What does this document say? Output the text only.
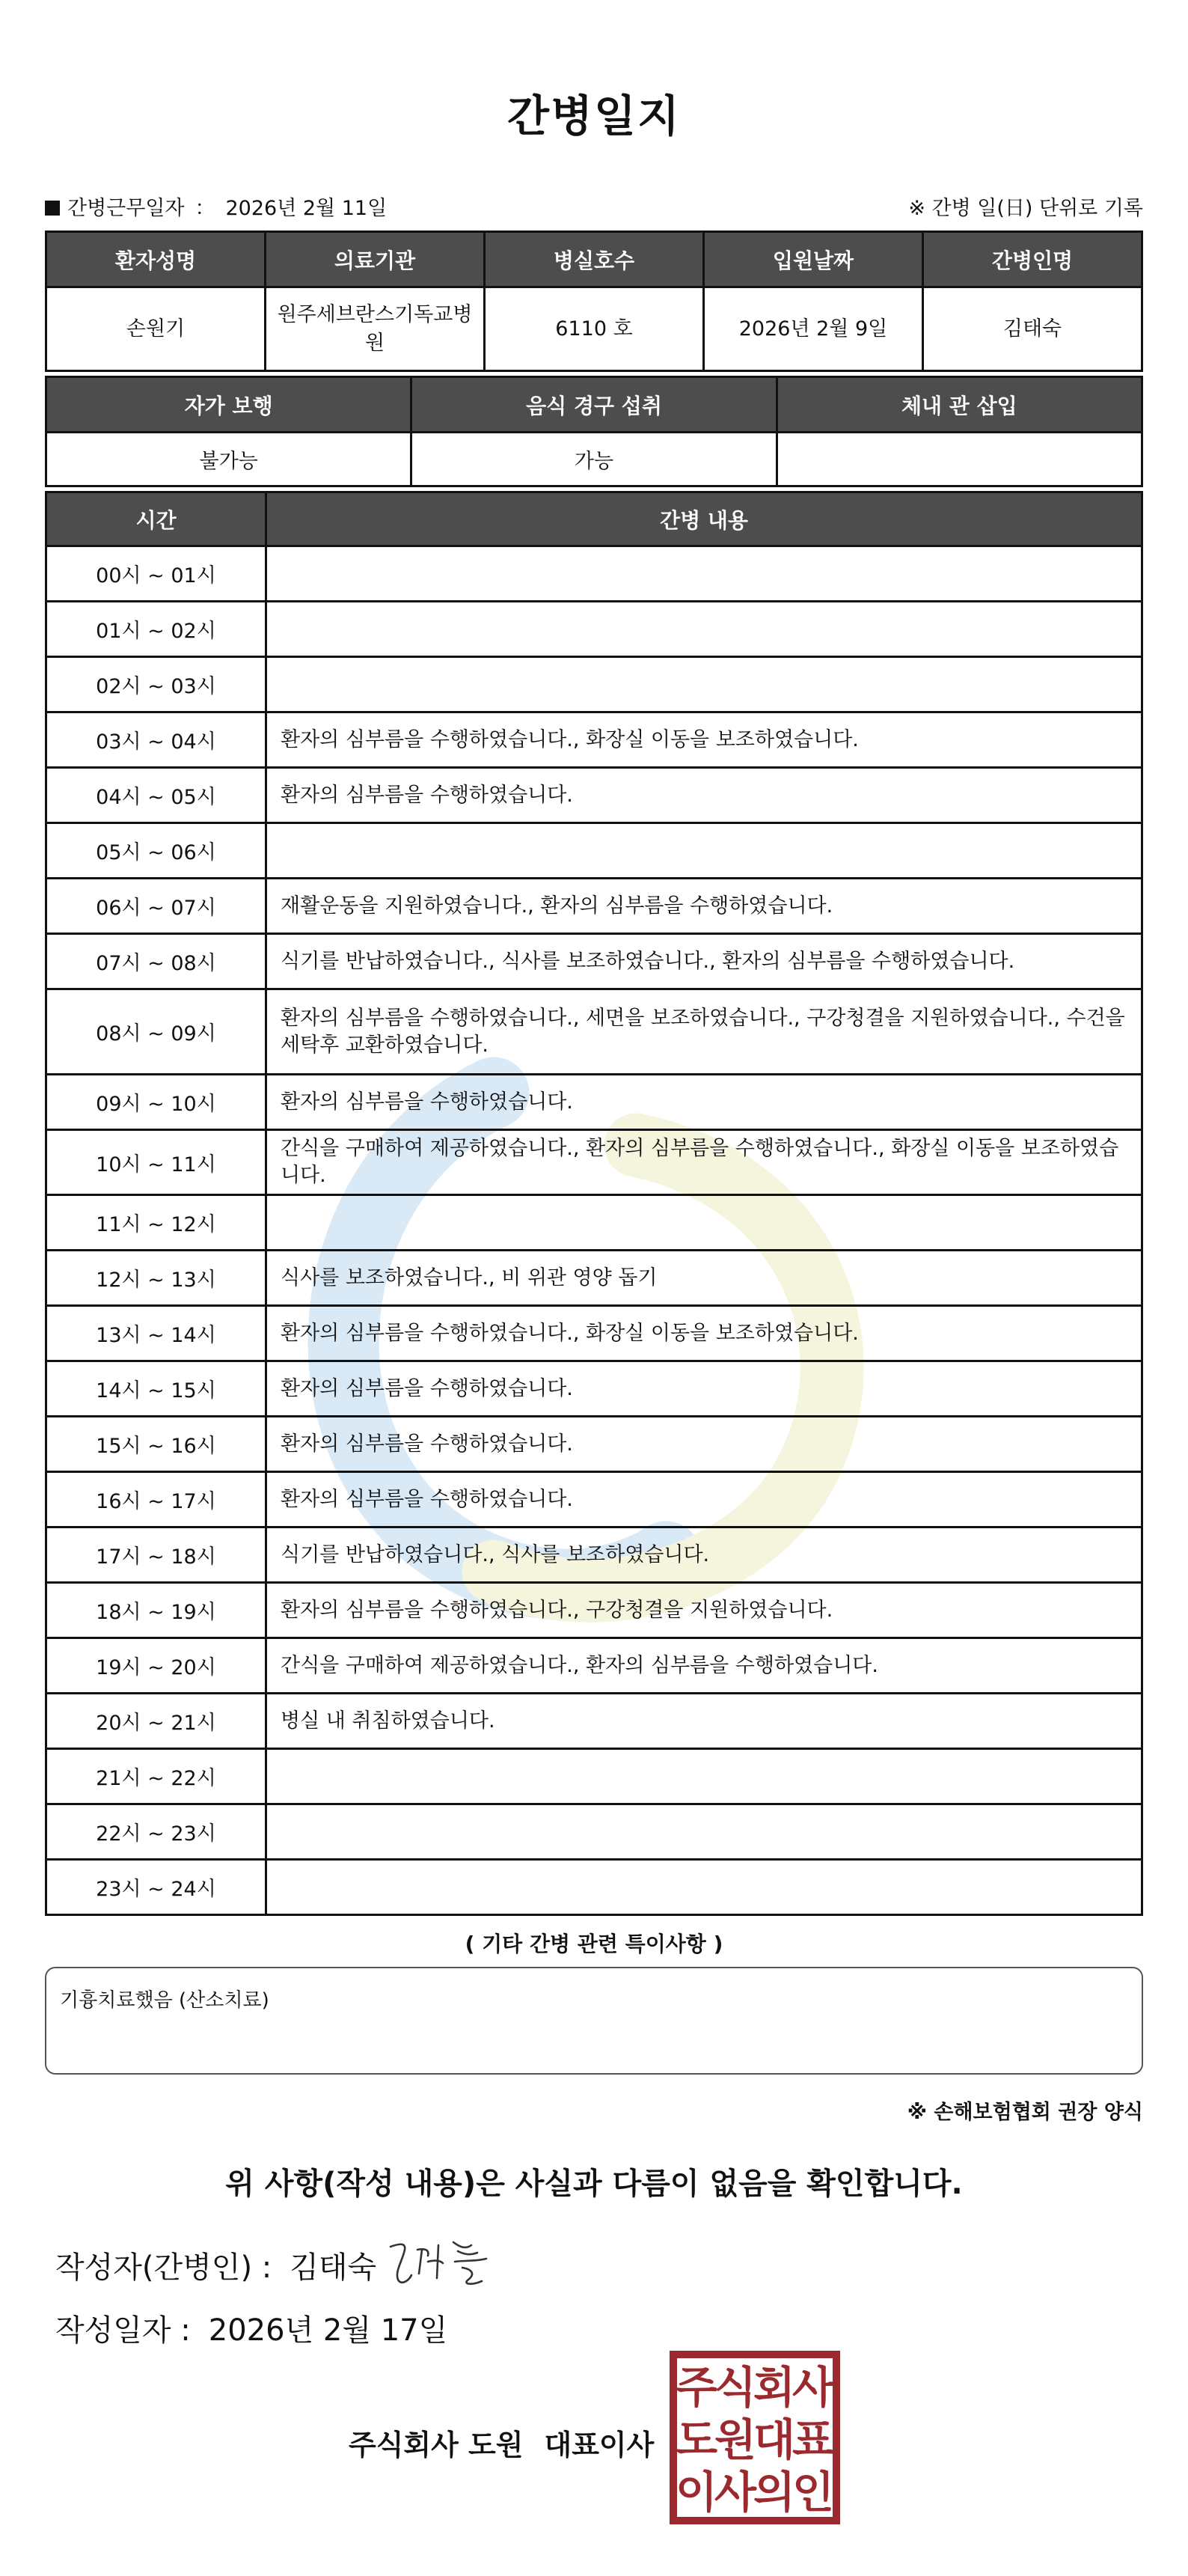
간병일지
간병근무일자 ： 2026년 2월 11일	※ 간병 일(日) 단위로 기록
환자성명	의료기관	병실호수	입원날짜	간병인명
손원기	원주세브란스기독교병원	6110 호	2026년 2월 9일	김태숙
자가 보행	음식 경구 섭취	체내 관 삽입
불가능	가능	
시간	간병 내용
00시 ~ 01시	
01시 ~ 02시	
02시 ~ 03시	
03시 ~ 04시	환자의 심부름을 수행하였습니다., 화장실 이동을 보조하였습니다.
04시 ~ 05시	환자의 심부름을 수행하였습니다.
05시 ~ 06시	
06시 ~ 07시	재활운동을 지원하였습니다., 환자의 심부름을 수행하였습니다.
07시 ~ 08시	식기를 반납하였습니다., 식사를 보조하였습니다., 환자의 심부름을 수행하였습니다.
08시 ~ 09시	환자의 심부름을 수행하였습니다., 세면을 보조하였습니다., 구강청결을 지원하였습니다., 수건을 세탁후 교환하였습니다.
09시 ~ 10시	환자의 심부름을 수행하였습니다.
10시 ~ 11시	간식을 구매하여 제공하였습니다., 환자의 심부름을 수행하였습니다., 화장실 이동을 보조하였습니다.
11시 ~ 12시	
12시 ~ 13시	식사를 보조하였습니다., 비 위관 영양 돕기
13시 ~ 14시	환자의 심부름을 수행하였습니다., 화장실 이동을 보조하였습니다.
14시 ~ 15시	환자의 심부름을 수행하였습니다.
15시 ~ 16시	환자의 심부름을 수행하였습니다.
16시 ~ 17시	환자의 심부름을 수행하였습니다.
17시 ~ 18시	식기를 반납하였습니다., 식사를 보조하였습니다.
18시 ~ 19시	환자의 심부름을 수행하였습니다., 구강청결을 지원하였습니다.
19시 ~ 20시	간식을 구매하여 제공하였습니다., 환자의 심부름을 수행하였습니다.
20시 ~ 21시	병실 내 취침하였습니다.
21시 ~ 22시	
22시 ~ 23시	
23시 ~ 24시	
( 기타 간병 관련 특이사항 )
기흉치료했음 (산소치료)
※ 손해보험협회 권장 양식
위 사항(작성 내용)은 사실과 다름이 없음을 확인합니다.
작성자(간병인) : 김태숙
작성일자 : 2026년 2월 17일
주식회사 도원 대표이사
주
식
회
사
도
원
대
표
이
사
의
인
